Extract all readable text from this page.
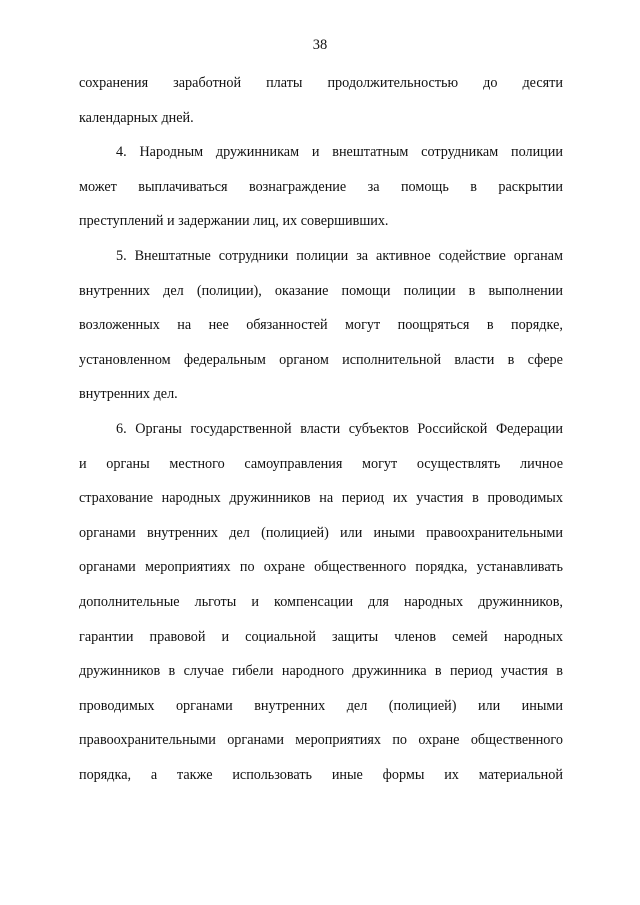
38
сохранения заработной платы продолжительностью до десяти
календарных дней.
4. Народным дружинникам и внештатным сотрудникам полиции
может выплачиваться вознаграждение за помощь в раскрытии
преступлений и задержании лиц, их совершивших.
5. Внештатные сотрудники полиции за активное содействие органам
внутренних дел (полиции), оказание помощи полиции в выполнении
возложенных на нее обязанностей могут поощряться в порядке,
установленном федеральным органом исполнительной власти в сфере
внутренних дел.
6. Органы государственной власти субъектов Российской Федерации
и органы местного самоуправления могут осуществлять личное
страхование народных дружинников на период их участия в проводимых
органами внутренних дел (полицией) или иными правоохранительными
органами мероприятиях по охране общественного порядка, устанавливать
дополнительные льготы и компенсации для народных дружинников,
гарантии правовой и социальной защиты членов семей народных
дружинников в случае гибели народного дружинника в период участия в
проводимых органами внутренних дел (полицией) или иными
правоохранительными органами мероприятиях по охране общественного
порядка, а также использовать иные формы их материальной
